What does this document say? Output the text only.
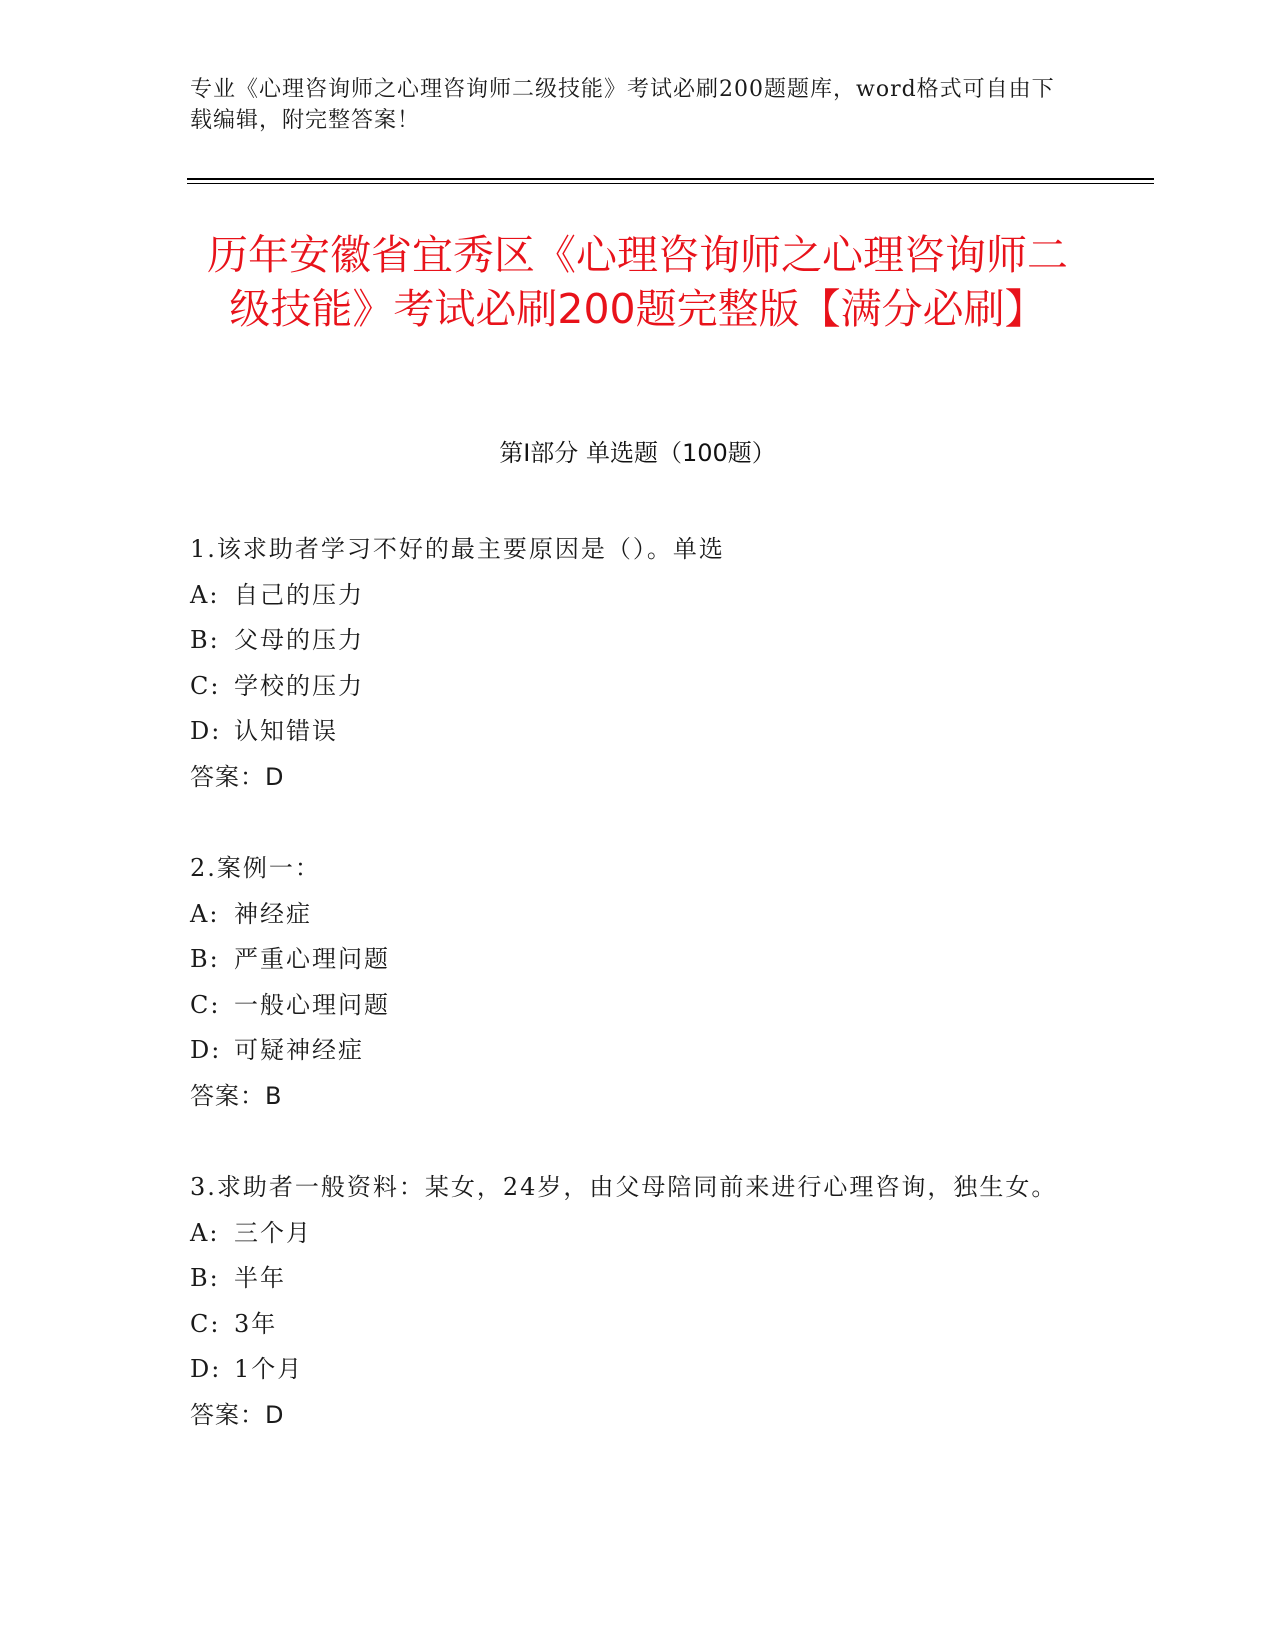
专业《心理咨询师之心理咨询师二级技能》考试必刷200题题库，word格式可自由下载编辑，附完整答案！
历年安徽省宜秀区《心理咨询师之心理咨询师二级技能》考试必刷200题完整版【满分必刷】
第Ⅰ部分 单选题（100题）
1.该求助者学习不好的最主要原因是（）。单选
A: 自己的压力
B: 父母的压力
C: 学校的压力
D: 认知错误
答案：D
2.案例一：
A: 神经症
B: 严重心理问题
C: 一般心理问题
D: 可疑神经症
答案：B
3.求助者一般资料：某女，24岁，由父母陪同前来进行心理咨询，独生女。
A: 三个月
B: 半年
C: 3年
D: 1个月
答案：D
